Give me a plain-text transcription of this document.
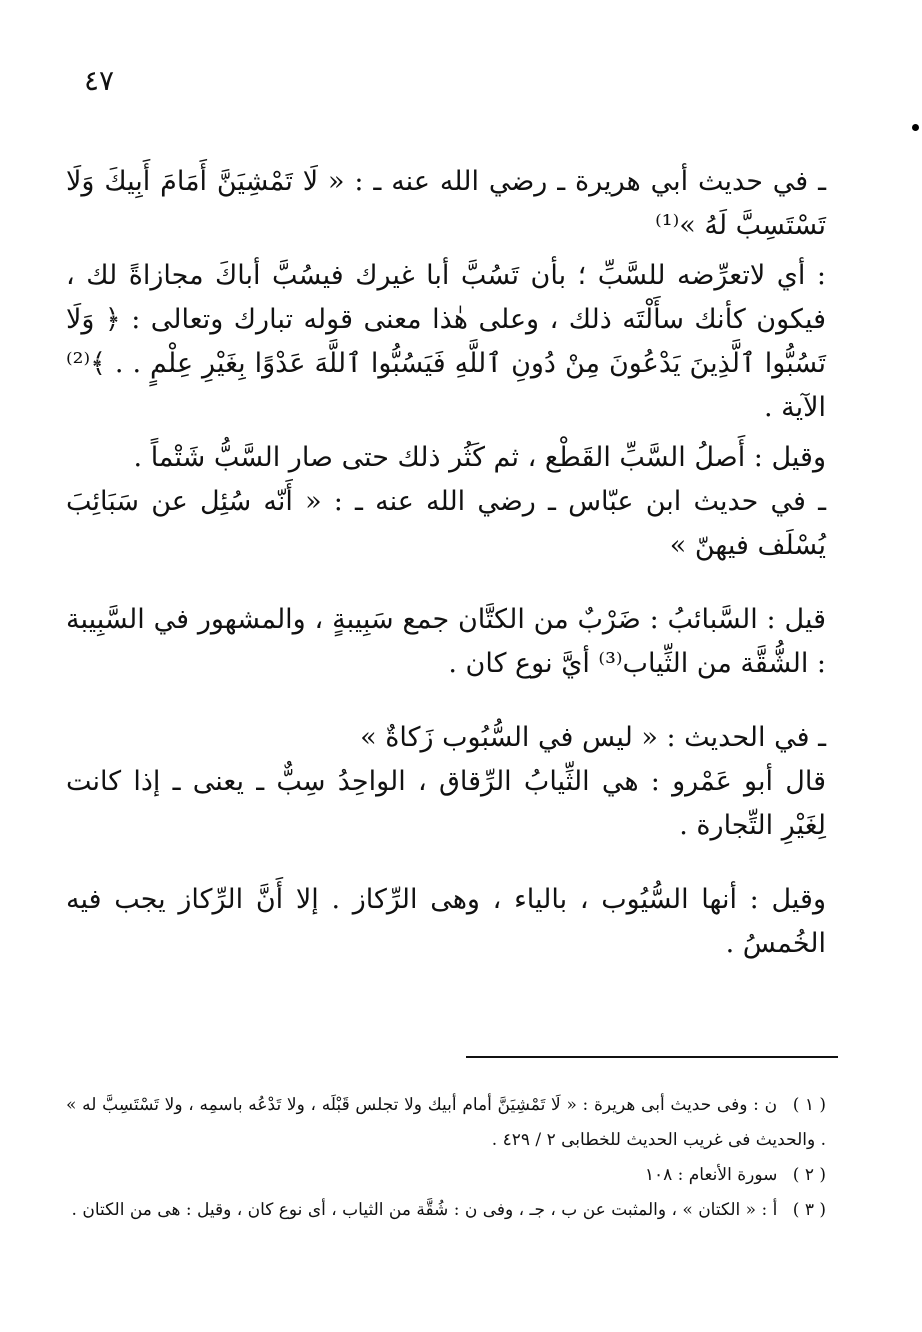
٤٧

ـ في حديث أبي هريرة ـ رضي الله عنه ـ : « لَا تَمْشِيَنَّ أَمَامَ أَبِيكَ وَلَا تَسْتَسِبَّ لَهُ »⁽¹⁾

: أي لاتعرِّضه للسَّبِّ ؛ بأن تَسُبَّ أبا غيرك فيسُبَّ أباكَ مجازاةً لك ، فيكون كأنك سأَلْتَه ذلك ، وعلى هٰذا معنى قوله تبارك وتعالى : ﴿ وَلَا تَسُبُّوا ٱلَّذِينَ يَدْعُونَ مِنْ دُونِ ٱللَّهِ فَيَسُبُّوا ٱللَّهَ عَدْوًا بِغَيْرِ عِلْمٍ . . ﴾⁽²⁾ الآية .

وقيل : أَصلُ السَّبِّ القَطْع ، ثم كَثُر ذلك حتى صار السَّبُّ شَتْماً .

ـ في حديث ابن عبّاس ـ رضي الله عنه ـ : « أَنّه سُئِل عن سَبَائِبَ يُسْلَف فيهنّ »

قيل : السَّبائبُ : ضَرْبٌ من الكتَّان جمع سَبِيبةٍ ، والمشهور في السَّبِيبة : الشُّقَّة من الثِّياب⁽³⁾ أيَّ نوع كان .

ـ في الحديث : « ليس في السُّبُوب زَكاةٌ »

قال أبو عَمْرو : هي الثِّيابُ الرِّقاق ، الواحِدُ سِبٌّ ـ يعنى ـ إذا كانت لِغَيْرِ التِّجارة .

وقيل : أنها السُّيُوب ، بالياء ، وهى الرِّكاز . إلا أَنَّ الرِّكاز يجب فيه الخُمسُ .

( ١ ) ن : وفى حديث أبى هريرة : « لَا تَمْشِيَنَّ أمام أبيك ولا تجلس قَبْلَه ، ولا تَدْعُه باسمِه ، ولا تَسْتَسِبَّ له » . والحديث فى غريب الحديث للخطابى ٢ / ٤٢٩ .

( ٢ ) سورة الأنعام : ١٠٨

( ٣ ) أ : « الكتان » ، والمثبت عن ب ، جـ ، وفى ن : شُقَّة من الثياب ، أى نوع كان ، وقيل : هى من الكتان .
